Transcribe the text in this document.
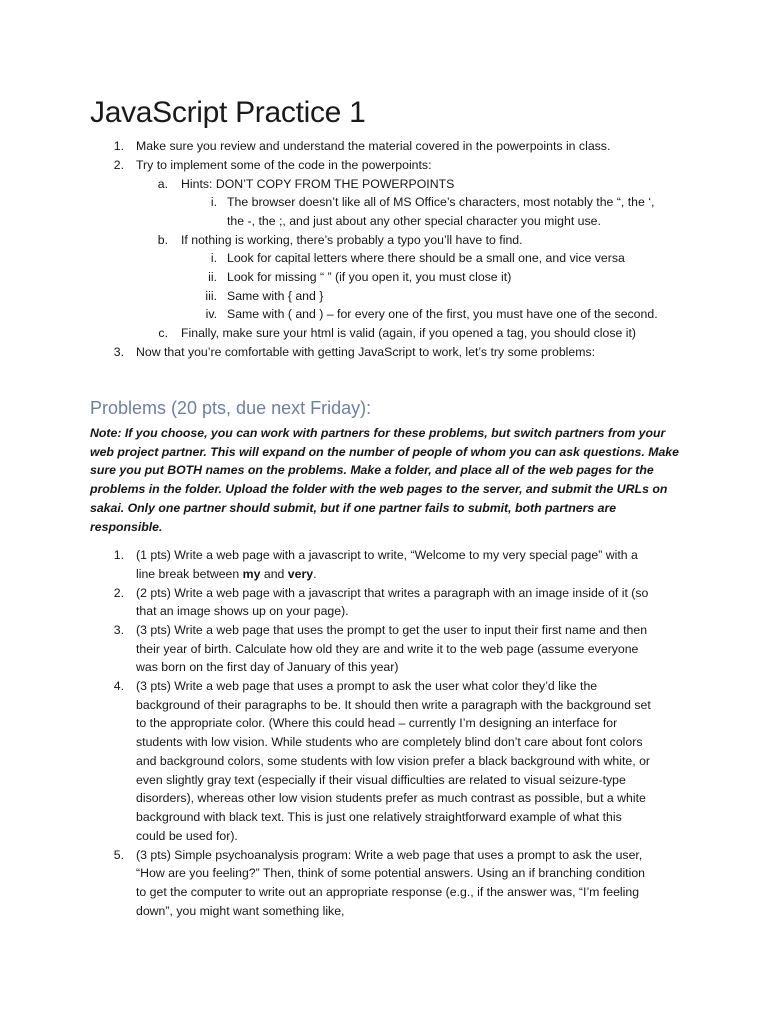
JavaScript Practice 1
1. Make sure you review and understand the material covered in the powerpoints in class.
2. Try to implement some of the code in the powerpoints:
a. Hints: DON’T COPY FROM THE POWERPOINTS
i. The browser doesn’t like all of MS Office’s characters, most notably the “, the ‘,
the -, the ;, and just about any other special character you might use.
b. If nothing is working, there’s probably a typo you’ll have to find.
i. Look for capital letters where there should be a small one, and vice versa
ii. Look for missing “ ” (if you open it, you must close it)
iii. Same with { and }
iv. Same with ( and ) – for every one of the first, you must have one of the second.
c. Finally, make sure your html is valid (again, if you opened a tag, you should close it)
3. Now that you’re comfortable with getting JavaScript to work, let’s try some problems:
Problems (20 pts, due next Friday):
Note: If you choose, you can work with partners for these problems, but switch partners from your
web project partner. This will expand on the number of people of whom you can ask questions. Make
sure you put BOTH names on the problems. Make a folder, and place all of the web pages for the
problems in the folder. Upload the folder with the web pages to the server, and submit the URLs on
sakai. Only one partner should submit, but if one partner fails to submit, both partners are
responsible.
1. (1 pts) Write a web page with a javascript to write, “Welcome to my very special page” with a
line break between my and very.
2. (2 pts) Write a web page with a javascript that writes a paragraph with an image inside of it (so
that an image shows up on your page).
3. (3 pts) Write a web page that uses the prompt to get the user to input their first name and then
their year of birth. Calculate how old they are and write it to the web page (assume everyone
was born on the first day of January of this year)
4. (3 pts) Write a web page that uses a prompt to ask the user what color they’d like the
background of their paragraphs to be. It should then write a paragraph with the background set
to the appropriate color. (Where this could head – currently I’m designing an interface for
students with low vision. While students who are completely blind don’t care about font colors
and background colors, some students with low vision prefer a black background with white, or
even slightly gray text (especially if their visual difficulties are related to visual seizure-type
disorders), whereas other low vision students prefer as much contrast as possible, but a white
background with black text. This is just one relatively straightforward example of what this
could be used for).
5. (3 pts) Simple psychoanalysis program: Write a web page that uses a prompt to ask the user,
“How are you feeling?” Then, think of some potential answers. Using an if branching condition
to get the computer to write out an appropriate response (e.g., if the answer was, “I’m feeling
down”, you might want something like,
